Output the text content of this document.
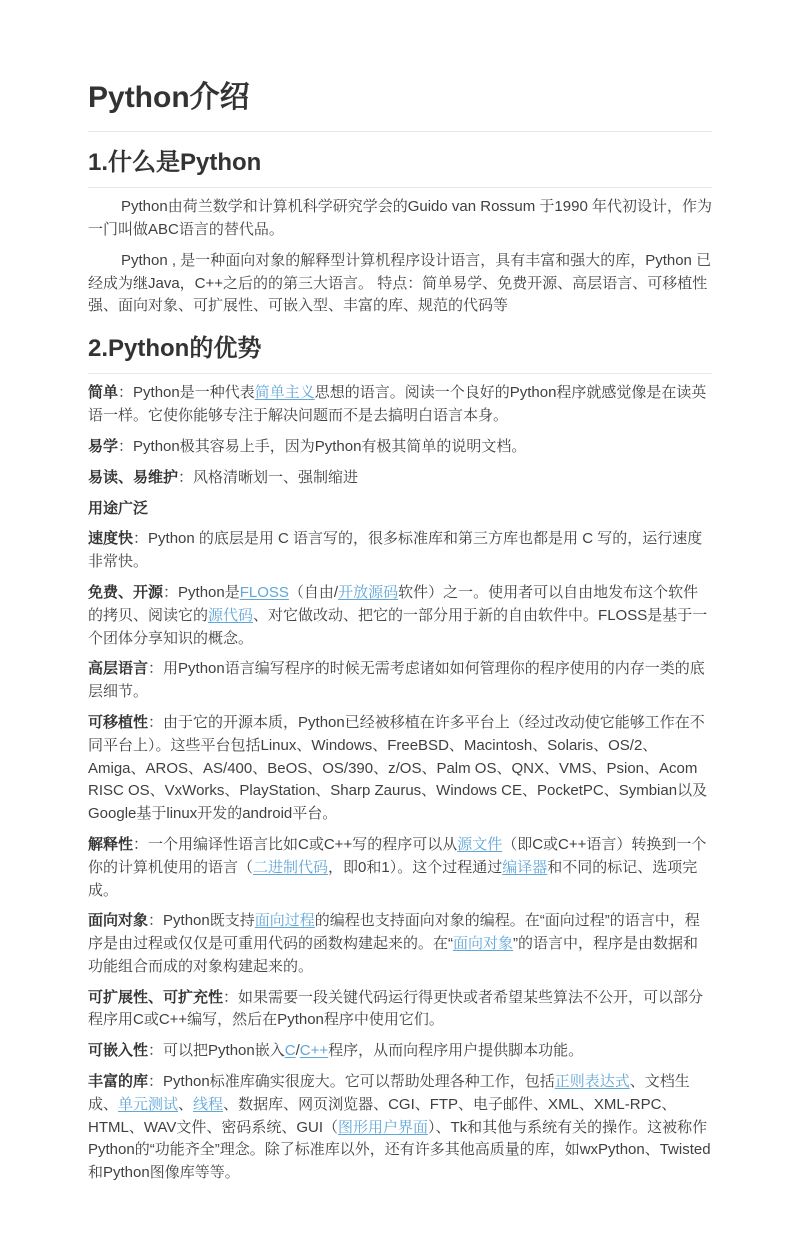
Python介绍
1.什么是Python

Python由荷兰数学和计算机科学研究学会的Guido van Rossum 于1990 年代初设计，作为一门叫做ABC语言的替代品。

Python , 是一种面向对象的解释型计算机程序设计语言，具有丰富和强大的库，Python 已经成为继Java，C++之后的的第三大语言。 特点：简单易学、免费开源、高层语言、可移植性强、面向对象、可扩展性、可嵌入型、丰富的库、规范的代码等

2.Python的优势

简单：Python是一种代表简单主义思想的语言。阅读一个良好的Python程序就感觉像是在读英语一样。它使你能够专注于解决问题而不是去搞明白语言本身。

易学：Python极其容易上手，因为Python有极其简单的说明文档。

易读、易维护：风格清晰划一、强制缩进

用途广泛

速度快：Python 的底层是用 C 语言写的，很多标准库和第三方库也都是用 C 写的，运行速度非常快。

免费、开源：Python是FLOSS（自由/开放源码软件）之一。使用者可以自由地发布这个软件的拷贝、阅读它的源代码、对它做改动、把它的一部分用于新的自由软件中。FLOSS是基于一个团体分享知识的概念。

高层语言：用Python语言编写程序的时候无需考虑诸如如何管理你的程序使用的内存一类的底层细节。

可移植性：由于它的开源本质，Python已经被移植在许多平台上（经过改动使它能够工作在不同平台上）。这些平台包括Linux、Windows、FreeBSD、Macintosh、Solaris、OS/2、Amiga、AROS、AS/400、BeOS、OS/390、z/OS、Palm OS、QNX、VMS、Psion、Acom RISC OS、VxWorks、PlayStation、Sharp Zaurus、Windows CE、PocketPC、Symbian以及Google基于linux开发的android平台。

解释性：一个用编译性语言比如C或C++写的程序可以从源文件（即C或C++语言）转换到一个你的计算机使用的语言（二进制代码，即0和1）。这个过程通过编译器和不同的标记、选项完成。

面向对象：Python既支持面向过程的编程也支持面向对象的编程。在“面向过程”的语言中，程序是由过程或仅仅是可重用代码的函数构建起来的。在“面向对象”的语言中，程序是由数据和功能组合而成的对象构建起来的。

可扩展性、可扩充性：如果需要一段关键代码运行得更快或者希望某些算法不公开，可以部分程序用C或C++编写，然后在Python程序中使用它们。

可嵌入性：可以把Python嵌入C/C++程序，从而向程序用户提供脚本功能。

丰富的库：Python标准库确实很庞大。它可以帮助处理各种工作，包括正则表达式、文档生成、单元测试、线程、数据库、网页浏览器、CGI、FTP、电子邮件、XML、XML-RPC、HTML、WAV文件、密码系统、GUI（图形用户界面）、Tk和其他与系统有关的操作。这被称作Python的“功能齐全”理念。除了标准库以外，还有许多其他高质量的库，如wxPython、Twisted和Python图像库等等。
